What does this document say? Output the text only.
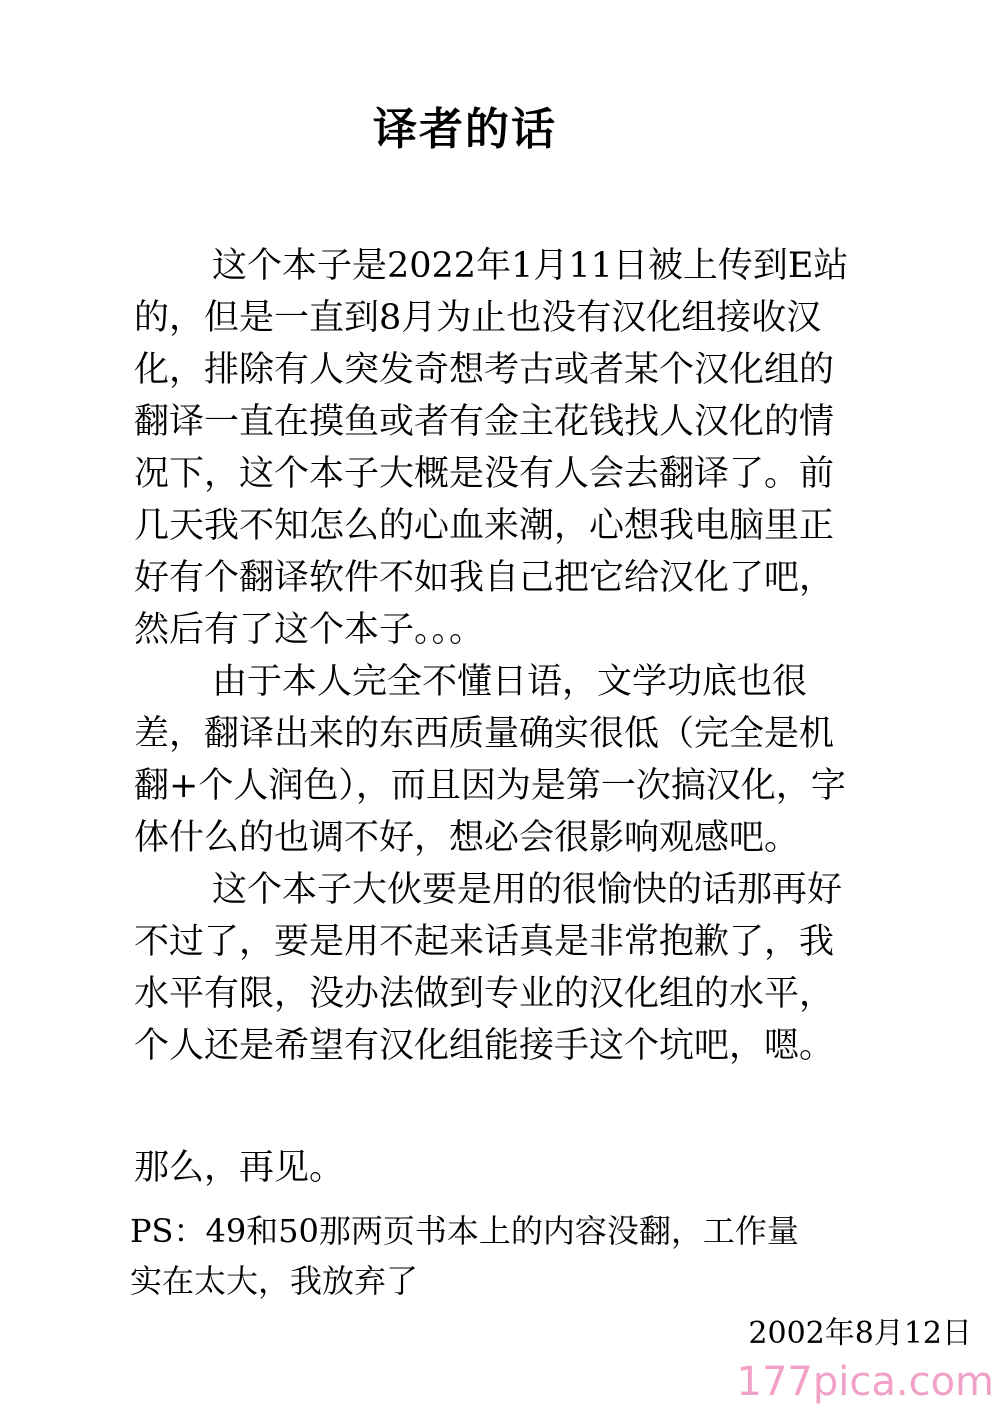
译者的话

这个本子是2022年1月11日被上传到E站的，但是一直到8月为止也没有汉化组接收汉化，排除有人突发奇想考古或者某个汉化组的翻译一直在摸鱼或者有金主花钱找人汉化的情况下，这个本子大概是没有人会去翻译了。前几天我不知怎么的心血来潮，心想我电脑里正好有个翻译软件不如我自己把它给汉化了吧，然后有了这个本子。。。

由于本人完全不懂日语，文学功底也很差，翻译出来的东西质量确实很低（完全是机翻+个人润色），而且因为是第一次搞汉化，字体什么的也调不好，想必会很影响观感吧。

这个本子大伙要是用的很愉快的话那再好不过了，要是用不起来话真是非常抱歉了，我水平有限，没办法做到专业的汉化组的水平，个人还是希望有汉化组能接手这个坑吧，嗯。

那么，再见。
PS：49和50那两页书本上的内容没翻，工作量实在太大，我放弃了
2002年8月12日
177pica.com
